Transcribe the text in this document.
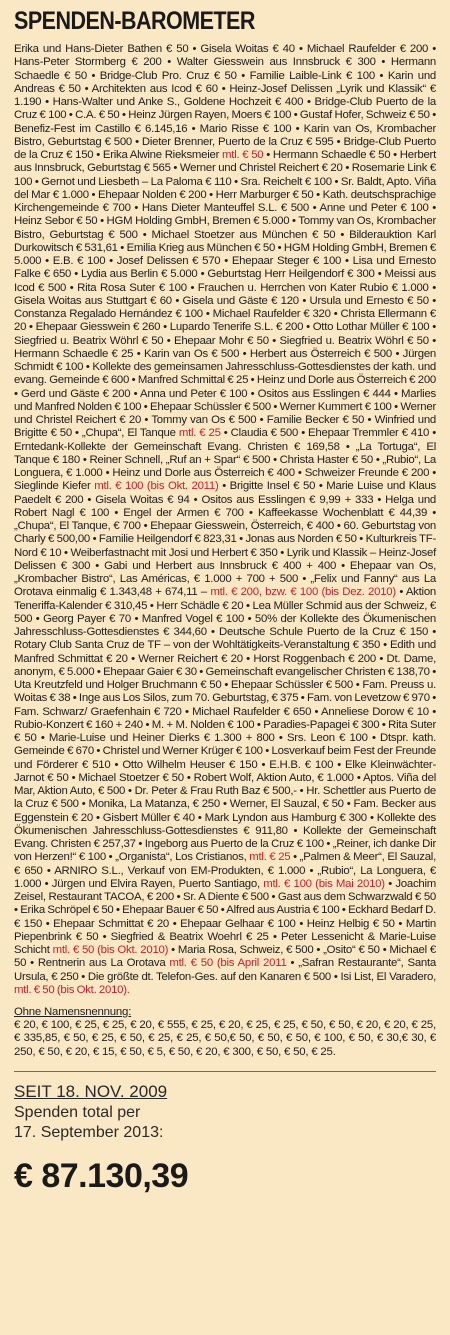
SPENDEN-BAROMETER

Erika und Hans-Dieter Bathen € 50 • Gisela Woitas € 40 • Michael Raufelder € 200 • Hans-Peter Stormberg € 200 • Walter Giesswein aus Innsbruck € 300 • Hermann Schaedle € 50 • Bridge-Club Pro. Cruz € 50 • Familie Laible-Link € 100 • Karin und Andreas € 50 • Architekten aus Icod € 60 • Heinz-Josef Delissen „Lyrik und Klassik“ € 1.190 • Hans-Walter und Anke S., Goldene Hochzeit € 400 • Bridge-Club Puerto de la Cruz € 100 • C.A. € 50 • Heinz Jürgen Rayen, Moers € 100 • Gustaf Hofer, Schweiz € 50 • Benefiz-Fest im Castillo € 6.145,16 • Mario Risse € 100 • Karin van Os, Krombacher Bistro, Geburtstag € 500 • Dieter Brenner, Puerto de la Cruz € 595 • Bridge-Club Puerto de la Cruz € 150 • Erika Alwine Rieksmeier mtl. € 50 • Hermann Schaedle € 50 • Herbert aus Innsbruck, Geburtstag € 565 • Werner und Christel Reichert € 20 • Rosemarie Link € 100 • Gernot und Liesbeth – La Paloma € 110 • Sra. Reichelt € 100 • Sr. Baldt, Apto. Viña del Mar € 1.000 • Ehepaar Nolden € 200 • Herr Marburger € 50 • Kath. deutschsprachige Kirchengemeinde € 700 • Hans Dieter Manteuffel S.L. € 500 • Anne und Peter € 100 • Heinz Sebor € 50 • HGM Holding GmbH, Bremen € 5.000 • Tommy van Os, Krombacher Bistro, Geburtstag € 500 • Michael Stoetzer aus München € 50 • Bilderauktion Karl Durkowitsch € 531,61 • Emilia Krieg aus München € 50 • HGM Holding GmbH, Bremen € 5.000 • E.B. € 100 • Josef Delissen € 570 • Ehepaar Steger € 100 • Lisa und Ernesto Falke € 650 • Lydia aus Berlin € 5.000 • Geburtstag Herr Heilgendorf € 300 • Meissi aus Icod € 500 • Rita Rosa Suter € 100 • Frauchen u. Herrchen von Kater Rubio € 1.000 • Gisela Woitas aus Stuttgart € 60 • Gisela und Gäste € 120 • Ursula und Ernesto € 50 • Constanza Regalado Hernández € 100 • Michael Raufelder € 320 • Christa Ellermann € 20 • Ehepaar Giesswein € 260 • Lupardo Tenerife S.L. € 200 • Otto Lothar Müller € 100 • Siegfried u. Beatrix Wöhrl € 50 • Ehepaar Mohr € 50 • Siegfried u. Beatrix Wöhrl € 50 • Hermann Schaedle € 25 • Karin van Os € 500 • Herbert aus Österreich € 500 • Jürgen Schmidt € 100 • Kollekte des gemeinsamen Jahresschluss-Gottesdienstes der kath. und evang. Gemeinde € 600 • Manfred Schmittal € 25 • Heinz und Dorle aus Österreich € 200 • Gerd und Gäste € 200 • Anna und Peter € 100 • Ositos aus Esslingen € 444 • Marlies und Manfred Nolden € 100 • Ehepaar Schüssler € 500 • Werner Kummert € 100 • Werner und Christel Reichert € 20 • Tommy van Os € 500 • Familie Becker € 50 • Winfried und Brigitte € 50 • „Chupa“, El Tanque mtl. € 25 • Claudia € 500 • Ehepaar Tremmler € 410 • Erntedank-Kollekte der Gemeinschaft Evang. Christen € 169,58 • „La Tortuga“, El Tanque € 180 • Reiner Schnell, „Ruf an + Spar“ € 500 • Christa Haster € 50 • „Rubio“, La Longuera, € 1.000 • Heinz und Dorle aus Österreich € 400 • Schweizer Freunde € 200 • Sieglinde Kiefer mtl. € 100 (bis Okt. 2011) • Brigitte Insel € 50 • Marie Luise und Klaus Paedelt € 200 • Gisela Woitas € 94 • Ositos aus Esslingen € 9,99 + 333 • Helga und Robert Nagl € 100 • Engel der Armen € 700 • Kaffeekasse Wochenblatt € 44,39 • „Chupa“, El Tanque, € 700 • Ehepaar Giesswein, Österreich, € 400 • 60. Geburtstag von Charly € 500,00 • Familie Heilgendorf € 823,31 • Jonas aus Norden € 50 • Kulturkreis TF-Nord € 10 • Weiberfastnacht mit Josi und Herbert € 350 • Lyrik und Klassik – Heinz-Josef Delissen € 300 • Gabi und Herbert aus Innsbruck € 400 + 400 • Ehepaar van Os, „Krombacher Bistro“, Las Américas, € 1.000 + 700 + 500 • „Felix und Fanny“ aus La Orotava einmalig € 1.343,48 + 674,11 – mtl. € 200, bzw. € 100 (bis Dez. 2010) • Aktion Teneriffa-Kalender € 310,45 • Herr Schädle € 20 • Lea Müller Schmid aus der Schweiz, € 500 • Georg Payer € 70 • Manfred Vogel € 100 • 50% der Kollekte des Ökumenischen Jahresschluss-Gottesdienstes € 344,60 • Deutsche Schule Puerto de la Cruz € 150 • Rotary Club Santa Cruz de TF – von der Wohltätigkeits-Veranstaltung € 350 • Edith und Manfred Schmittat € 20 • Werner Reichert € 20 • Horst Roggenbach € 200 • Dt. Dame, anonym, € 5.000 • Ehepaar Gaier € 30 • Gemeinschaft evangelischer Christen € 138,70 • Uta Kreutzfeld und Holger Bruchmann € 50 • Ehepaar Schüssler € 500 • Fam. Preuss u. Woitas € 38 • Inge aus Los Silos, zum 70. Geburtstag, € 375 • Fam. von Levetzow € 970 • Fam. Schwarz/ Graefenhain € 720 • Michael Raufelder € 650 • Anneliese Dorow € 10 • Rubio-Konzert € 160 + 240 • M. + M. Nolden € 100 • Paradies-Papagei € 300 • Rita Suter € 50 • Marie-Luise und Heiner Dierks € 1.300 + 800 • Srs. Leon € 100 • Dtspr. kath. Gemeinde € 670 • Christel und Werner Krüger € 100 • Losverkauf beim Fest der Freunde und Förderer € 510 • Otto Wilhelm Heuser € 150 • E.H.B. € 100 • Elke Kleinwächter-Jarnot € 50 • Michael Stoetzer € 50 • Robert Wolf, Aktion Auto, € 1.000 • Aptos. Viña del Mar, Aktion Auto, € 500 • Dr. Peter & Frau Ruth Baz € 500,- • Hr. Schettler aus Puerto de la Cruz € 500 • Monika, La Matanza, € 250 • Werner, El Sauzal, € 50 • Fam. Becker aus Eggenstein € 20 • Gisbert Müller € 40 • Mark Lyndon aus Hamburg € 300 • Kollekte des Ökumenischen Jahresschluss-Gottesdienstes € 911,80 • Kollekte der Gemeinschaft Evang. Christen € 257,37 • Ingeborg aus Puerto de la Cruz € 100 • „Reiner, ich danke Dir von Herzen!“ € 100 • „Organista“, Los Cristianos, mtl. € 25 • „Palmen & Meer“, El Sauzal, € 650 • ARNIRO S.L., Verkauf von EM-Produkten, € 1.000 • „Rubio“, La Longuera, € 1.000 • Jürgen und Elvira Rayen, Puerto Santiago, mtl. € 100 (bis Mai 2010) • Joachim Zeisel, Restaurant TACOA, € 200 • Sr. A Diente € 500 • Gast aus dem Schwarzwald € 50 • Erika Schröpel € 50 • Ehepaar Bauer € 50 • Alfred aus Austria € 100 • Eckhard Bedarf D. € 150 • Ehepaar Schmittat € 20 • Ehepaar Gelhaar € 100 • Heinz Helbig € 50 • Martin Piepenbrink € 50 • Siegfried & Beatrix Woehrl € 25 • Peter Lessenicht & Marie-Luise Schicht mtl. € 50 (bis Okt. 2010) • Maria Rosa, Schweiz, € 500 • „Osito“ € 50 • Michael € 50 • Rentnerin aus La Orotava mtl. € 50 (bis April 2011 • „Safran Restaurante“, Santa Ursula, € 250 • Die größte dt. Telefon-Ges. auf den Kanaren € 500 • Isi List, El Varadero, mtl. € 50 (bis Okt. 2010).

Ohne Namensnennung:

€ 20, € 100, € 25, € 25, € 20, € 555, € 25, € 20, € 25, € 25, € 50, € 50, € 20, € 20, € 25, € 335,85, € 50, € 25, € 50, € 25, € 25, € 50,€ 50, € 50, € 50, € 100, € 50, € 30,€ 30, € 250, € 50, € 20, € 15, € 50, € 5, € 50, € 20, € 300, € 50, € 50, € 25.

SEIT 18. NOV. 2009

Spenden total per

17. September 2013:

€ 87.130,39
